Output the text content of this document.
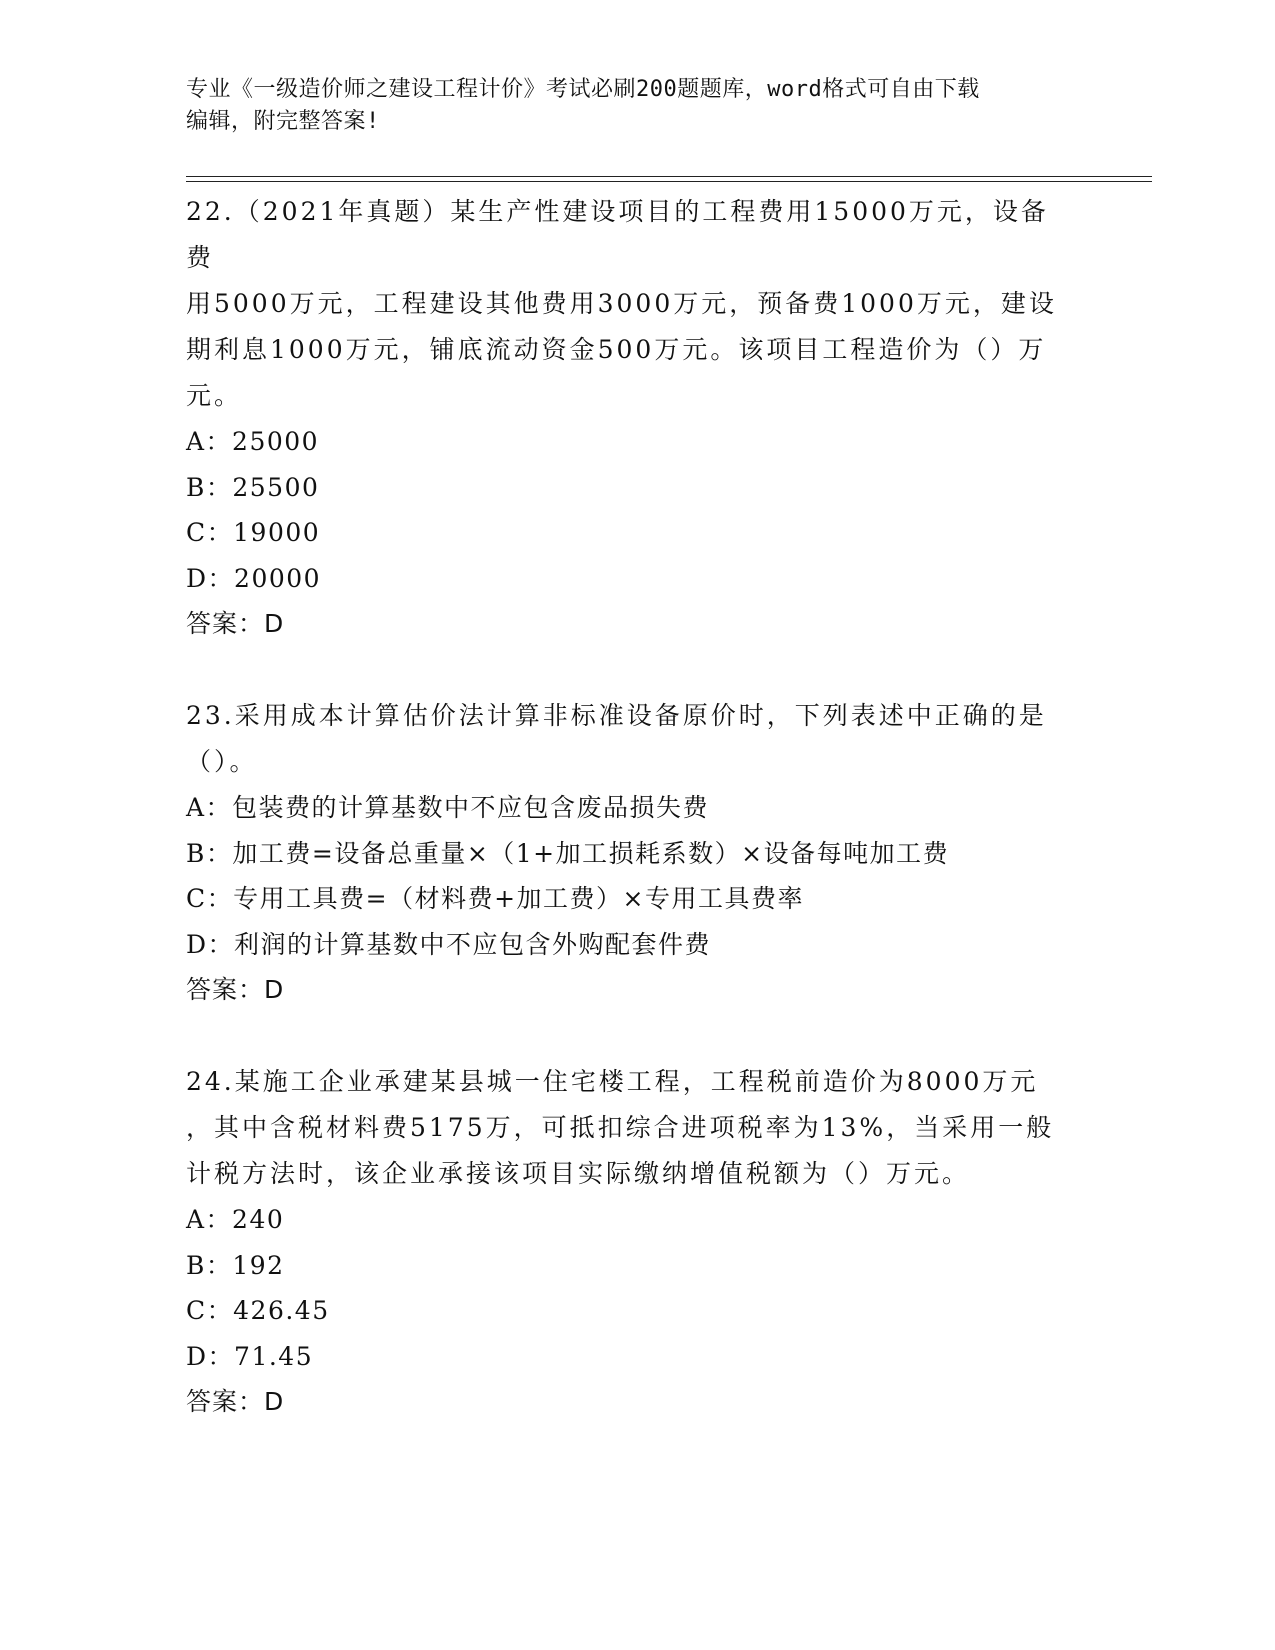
专业《一级造价师之建设工程计价》考试必刷200题题库，word格式可自由下载
编辑，附完整答案!
22.（2021年真题）某生产性建设项目的工程费用15000万元，设备费
用5000万元，工程建设其他费用3000万元，预备费1000万元，建设
期利息1000万元，铺底流动资金500万元。该项目工程造价为（）万
元。
A：25000
B：25500
C：19000
D：20000
答案：D
23.采用成本计算估价法计算非标准设备原价时，下列表述中正确的是
（）。
A：包装费的计算基数中不应包含废品损失费
B：加工费=设备总重量×（1+加工损耗系数）×设备每吨加工费
C：专用工具费=（材料费+加工费）×专用工具费率
D：利润的计算基数中不应包含外购配套件费
答案：D
24.某施工企业承建某县城一住宅楼工程，工程税前造价为8000万元
，其中含税材料费5175万，可抵扣综合进项税率为13%，当采用一般
计税方法时，该企业承接该项目实际缴纳增值税额为（）万元。
A：240
B：192
C：426.45
D：71.45
答案：D
